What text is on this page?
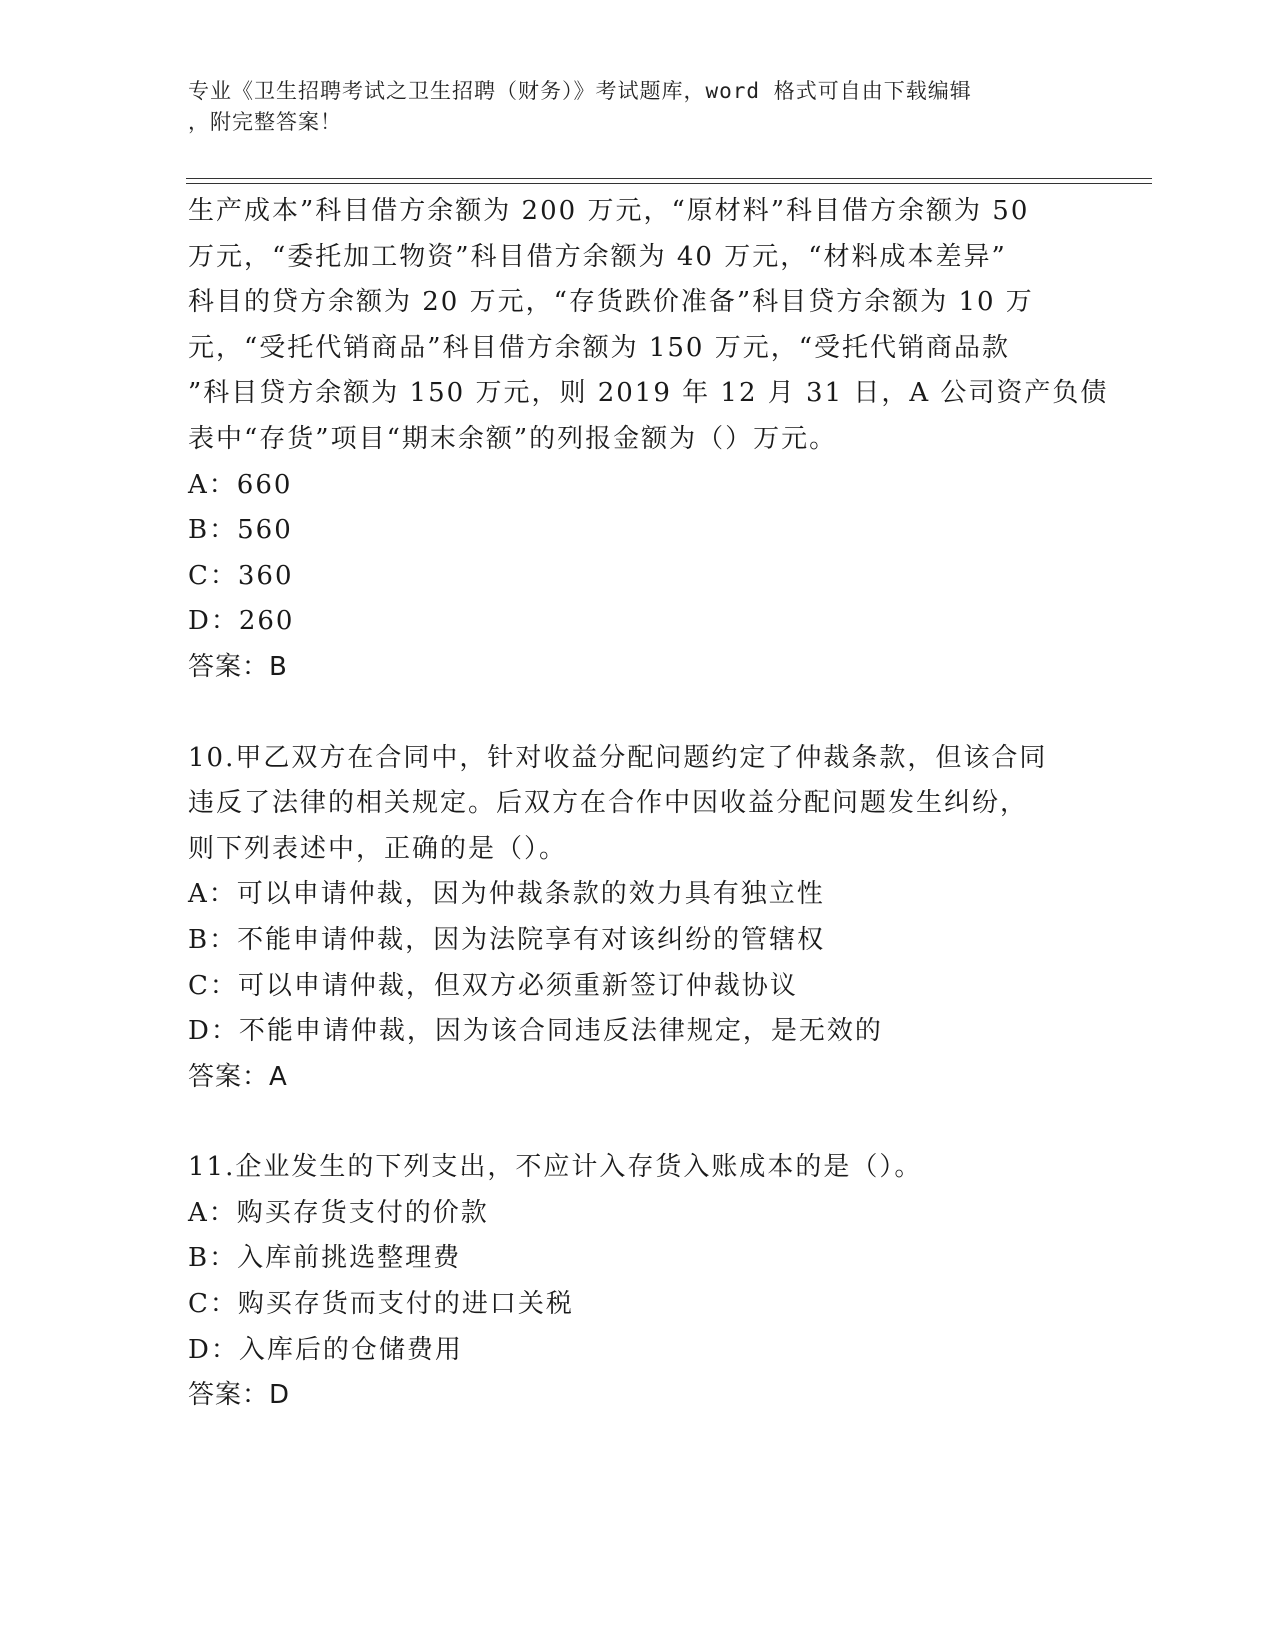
专业《卫生招聘考试之卫生招聘（财务）》考试题库，word 格式可自由下载编辑
，附完整答案！
生产成本”科目借方余额为 200 万元，“原材料”科目借方余额为 50
万元，“委托加工物资”科目借方余额为 40 万元，“材料成本差异”
科目的贷方余额为 20 万元，“存货跌价准备”科目贷方余额为 10 万
元，“受托代销商品”科目借方余额为 150 万元，“受托代销商品款
”科目贷方余额为 150 万元，则 2019 年 12 月 31 日，A 公司资产负债
表中“存货”项目“期末余额”的列报金额为（）万元。
A：660
B：560
C：360
D：260
答案：B
10.甲乙双方在合同中，针对收益分配问题约定了仲裁条款，但该合同
违反了法律的相关规定。后双方在合作中因收益分配问题发生纠纷，
则下列表述中，正确的是（）。
A：可以申请仲裁，因为仲裁条款的效力具有独立性
B：不能申请仲裁，因为法院享有对该纠纷的管辖权
C：可以申请仲裁，但双方必须重新签订仲裁协议
D：不能申请仲裁，因为该合同违反法律规定，是无效的
答案：A
11.企业发生的下列支出，不应计入存货入账成本的是（）。
A：购买存货支付的价款
B：入库前挑选整理费
C：购买存货而支付的进口关税
D：入库后的仓储费用
答案：D
